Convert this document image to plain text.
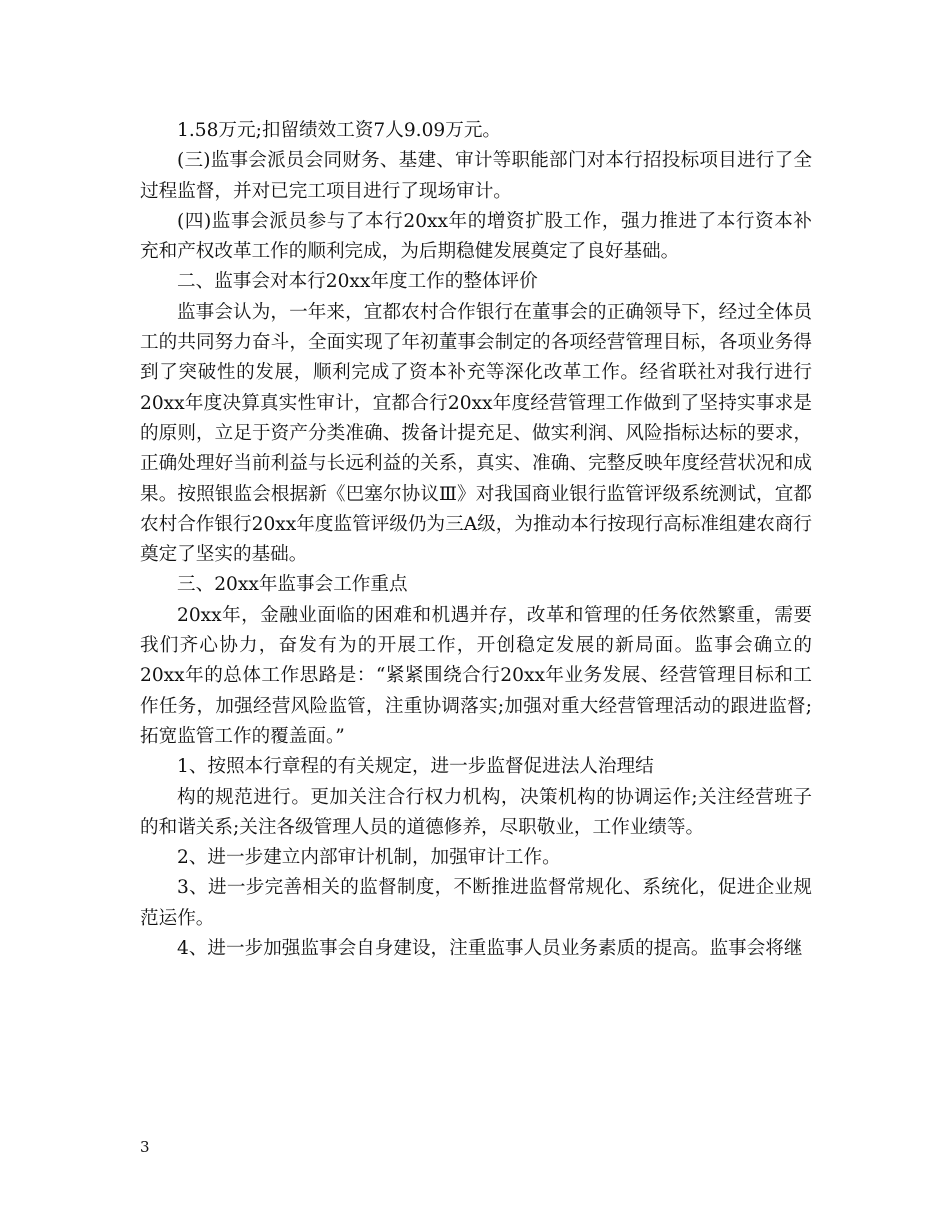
1.58万元;扣留绩效工资7人9.09万元。

(三)监事会派员会同财务、基建、审计等职能部门对本行招投标项目进行了全过程监督，并对已完工项目进行了现场审计。

(四)监事会派员参与了本行20xx年的增资扩股工作，强力推进了本行资本补充和产权改革工作的顺利完成，为后期稳健发展奠定了良好基础。

二、监事会对本行20xx年度工作的整体评价

监事会认为，一年来，宜都农村合作银行在董事会的正确领导下，经过全体员工的共同努力奋斗，全面实现了年初董事会制定的各项经营管理目标，各项业务得到了突破性的发展，顺利完成了资本补充等深化改革工作。经省联社对我行进行20xx年度决算真实性审计，宜都合行20xx年度经营管理工作做到了坚持实事求是的原则，立足于资产分类准确、拨备计提充足、做实利润、风险指标达标的要求，正确处理好当前利益与长远利益的关系，真实、准确、完整反映年度经营状况和成果。按照银监会根据新《巴塞尔协议Ⅲ》对我国商业银行监管评级系统测试，宜都农村合作银行20xx年度监管评级仍为三A级，为推动本行按现行高标准组建农商行奠定了坚实的基础。

三、20xx年监事会工作重点

20xx年，金融业面临的困难和机遇并存，改革和管理的任务依然繁重，需要我们齐心协力，奋发有为的开展工作，开创稳定发展的新局面。监事会确立的20xx年的总体工作思路是：“紧紧围绕合行20xx年业务发展、经营管理目标和工作任务，加强经营风险监管，注重协调落实;加强对重大经营管理活动的跟进监督;拓宽监管工作的覆盖面。”

1、按照本行章程的有关规定，进一步监督促进法人治理结

构的规范进行。更加关注合行权力机构，决策机构的协调运作;关注经营班子的和谐关系;关注各级管理人员的道德修养，尽职敬业，工作业绩等。

2、进一步建立内部审计机制，加强审计工作。

3、进一步完善相关的监督制度，不断推进监督常规化、系统化，促进企业规范运作。

4、进一步加强监事会自身建设，注重监事人员业务素质的提高。监事会将继

3
